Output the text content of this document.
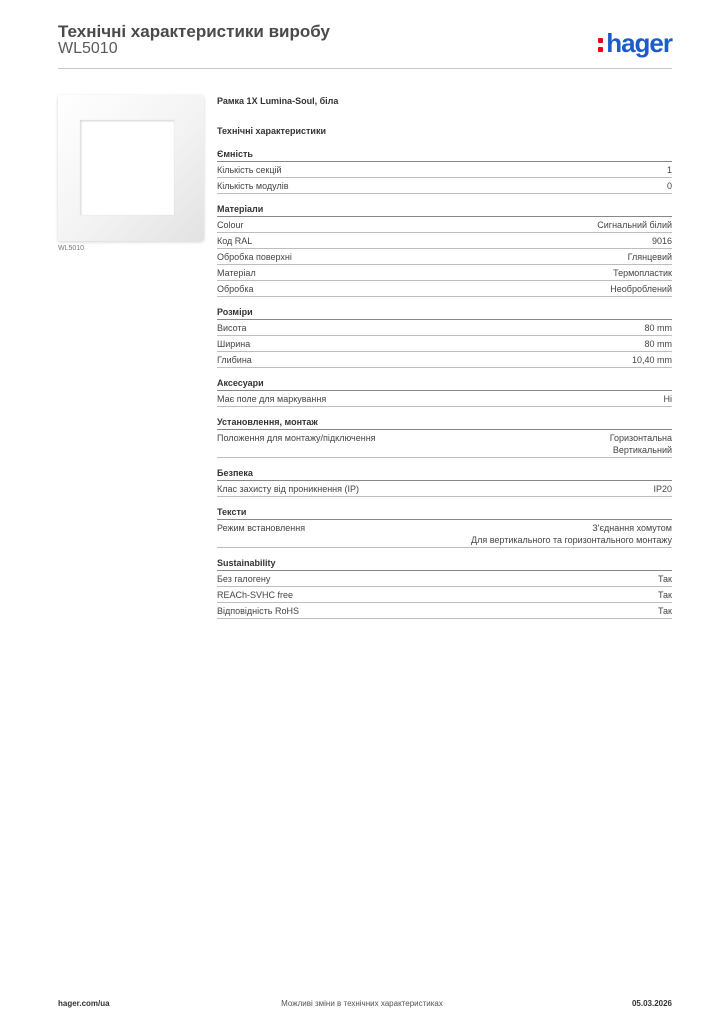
Технічні характеристики виробу
WL5010	hager
WL5010
Рамка 1X Lumina-Soul, біла
Технічні характеристики
Ємність
Кількість секцій	1
Кількість модулів	0
Матеріали
Colour	Сигнальний білий
Код RAL	9016
Обробка поверхні	Глянцевий
Матеріал	Термопластик
Обробка	Необроблений
Розміри
Висота	80 mm
Ширина	80 mm
Глибина	10,40 mm
Аксесуари
Має поле для маркування	Ні
Установлення, монтаж
Положення для монтажу/підключення	Горизонтальна
Вертикальний
Безпека
Клас захисту від проникнення (IP)	IP20
Тексти
Режим встановлення	З'єднання хомутом
Для вертикального та горизонтального монтажу
Sustainability
Без галогену	Так
REACh-SVHC free	Так
Відповідність RoHS	Так
hager.com/ua	Можливі зміни в технічних характеристиках	05.03.2026
